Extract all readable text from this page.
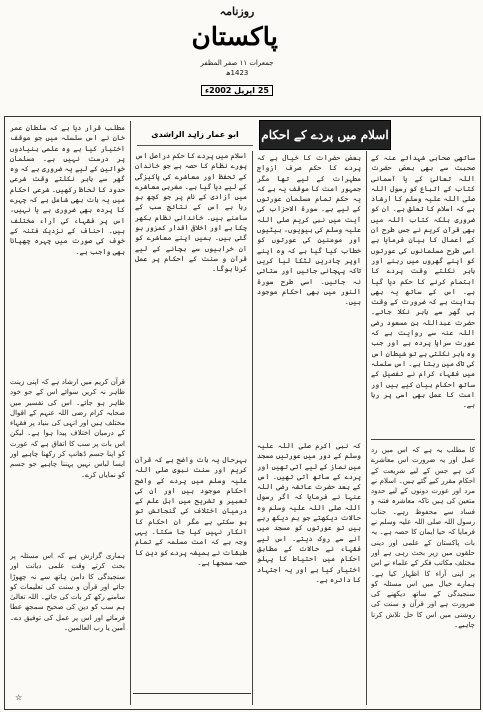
روزنامہ
پاکستان
جمعرات ۱۱ صفر المظفر 1423ھ
25 اپریل 2002ء
اسلام میں پردے کے احکام
ابو عمار زاہد الراشدی

ساتھی صحابی شہدائے عنہ کے صحبت سے بھی بعض حضرت اللہ تعالیٰ کے یا آسمانی کتاب کے اتباع کو رسول اللہ صلی اللہ علیہ وسلم کا ارشاد ہے کہ اسلام کا تعلق ہے۔ ان کو ضروری بلکہ کتاب اللہ میں بھی قرآن کریم نے جس طرح ان کے اعمال کا بیان فرمایا ہے اسی طرح مسلمانوں کی عورتوں کو اپنے گھروں میں رہنے اور باہر نکلتے وقت پردے کا اہتمام کرنے کا حکم دیا گیا ہے۔ اس کے ساتھ یہ بھی ہدایت ہے کہ ضرورت کے وقت ہی گھر سے باہر نکلا جائے۔ حضرت عبداللہ بن مسعود رضی اللہ عنہ سے روایت ہے کہ عورت سراپا پردہ ہے اور جب وہ باہر نکلتی ہے تو شیطان اس کی تاک میں رہتا ہے۔ اس سلسلہ میں فقہاء کرام نے تفصیل کے ساتھ احکام بیان کیے ہیں اور امت کا عمل بھی اسی پر رہا ہے۔

کا مطلب یہ ہے کہ اس میں رد عمل اور یہ ضرورت اس معاشرے کی ہے جس کے لیے شریعت کے احکام مقرر کیے گئے ہیں۔ اسلام نے مرد اور عورت دونوں کے لیے حدود متعین کی ہیں تاکہ معاشرہ فتنہ و فساد سے محفوظ رہے۔ جناب رسول اللہ صلی اللہ علیہ وسلم نے فرمایا کہ حیا ایمان کا حصہ ہے۔ یہ بات پاکستان کے علمی اور دینی حلقوں میں زیر بحث رہی ہے اور مختلف مکاتب فکر کے علماء نے اس پر اپنی آراء کا اظہار کیا ہے۔ ہمارے خیال میں اس مسئلہ کو سنجیدگی کے ساتھ دیکھنے کی ضرورت ہے اور قرآن و سنت کی روشنی میں اس کا حل تلاش کرنا چاہیے۔

بعض حضرات کا خیال ہے کہ پردے کا حکم صرف ازواج مطہرات کے لیے تھا مگر جمہور امت کا موقف یہ ہے کہ یہ حکم تمام مسلمان عورتوں کے لیے ہے۔ سورۃ الاحزاب کی آیت میں نبی کریم صلی اللہ علیہ وسلم کی بیویوں، بیٹیوں اور مومنین کی عورتوں کو خطاب کیا گیا ہے کہ وہ اپنے اوپر چادریں لٹکا لیا کریں تاکہ پہچانی جائیں اور ستائی نہ جائیں۔ اسی طرح سورۃ النور میں بھی احکام موجود ہیں۔

کہ نبی اکرم صلی اللہ علیہ وسلم کے دور میں عورتیں مسجد میں نماز کے لیے آتی تھیں اور پردے کے ساتھ آتی تھیں۔ اس کے بعد حضرت عائشہ رضی اللہ عنہا نے فرمایا کہ اگر رسول اللہ صلی اللہ علیہ وسلم وہ حالات دیکھتے جو ہم دیکھ رہے ہیں تو عورتوں کو مسجد میں آنے سے روک دیتے۔ اس لیے فقہاء نے حالات کے مطابق احکام میں احتیاط کا پہلو اختیار کیا ہے اور یہ اجتہاد کا دائرہ ہے۔

اسلام میں پردے کا حکم دراصل اس پورے نظام کا حصہ ہے جو خاندان کے تحفظ اور معاشرے کی پاکیزگی کے لیے دیا گیا ہے۔ مغربی معاشرے میں آزادی کے نام پر جو کچھ ہو رہا ہے اس کے نتائج سب کے سامنے ہیں۔ خاندانی نظام بکھر چکا ہے اور اخلاقی اقدار کمزور ہو گئی ہیں۔ ہمیں اپنے معاشرے کو ان خرابیوں سے بچانے کے لیے قرآن و سنت کے احکام پر عمل کرنا ہوگا۔

بہرحال یہ بات واضح ہے کہ قرآن کریم اور سنت نبوی صلی اللہ علیہ وسلم میں پردے کے واضح احکام موجود ہیں اور ان کی تعبیر و تشریح میں اہل علم کے درمیان اختلاف کی گنجائش تو ہو سکتی ہے مگر ان احکام کا انکار نہیں کیا جا سکتا۔ یہی وجہ ہے کہ امت مسلمہ کے تمام طبقات نے ہمیشہ پردے کو دین کا حصہ سمجھا ہے۔

مطلب قرار دیا ہے کہ سلطان عمر خان نے اس سلسلہ میں جو موقف اختیار کیا ہے وہ علمی بنیادوں پر درست نہیں ہے۔ مسلمان خواتین کے لیے یہ ضروری ہے کہ وہ گھر سے باہر نکلتے وقت شرعی حدود کا لحاظ رکھیں۔ شرعی احکام میں یہ بات بھی شامل ہے کہ چہرے کا پردہ بھی ضروری ہے یا نہیں، اس پر فقہاء کی آراء مختلف ہیں۔ احناف کے نزدیک فتنہ کے خوف کی صورت میں چہرہ چھپانا بھی واجب ہے۔

قرآن کریم میں ارشاد ہے کہ اپنی زینت ظاہر نہ کریں سوائے اس کے جو خود ظاہر ہو جائے۔ اس کی تفسیر میں صحابہ کرام رضی اللہ عنہم کے اقوال مختلف ہیں اور انہی کی بنیاد پر فقہاء کے درمیان اختلاف پیدا ہوا ہے۔ لیکن اس بات پر سب کا اتفاق ہے کہ عورت کو اپنا جسم ڈھانپ کر رکھنا چاہیے اور ایسا لباس نہیں پہننا چاہیے جو جسم کو نمایاں کرے۔

ہماری گزارش ہے کہ اس مسئلہ پر بحث کرتے وقت علمی دیانت اور سنجیدگی کا دامن ہاتھ سے نہ چھوڑا جائے اور قرآن و سنت کی تعلیمات کو سامنے رکھ کر بات کی جائے۔ اللہ تعالیٰ ہم سب کو دین کی صحیح سمجھ عطا فرمائے اور اس پر عمل کی توفیق دے۔ آمین یا رب العالمین۔

☆
